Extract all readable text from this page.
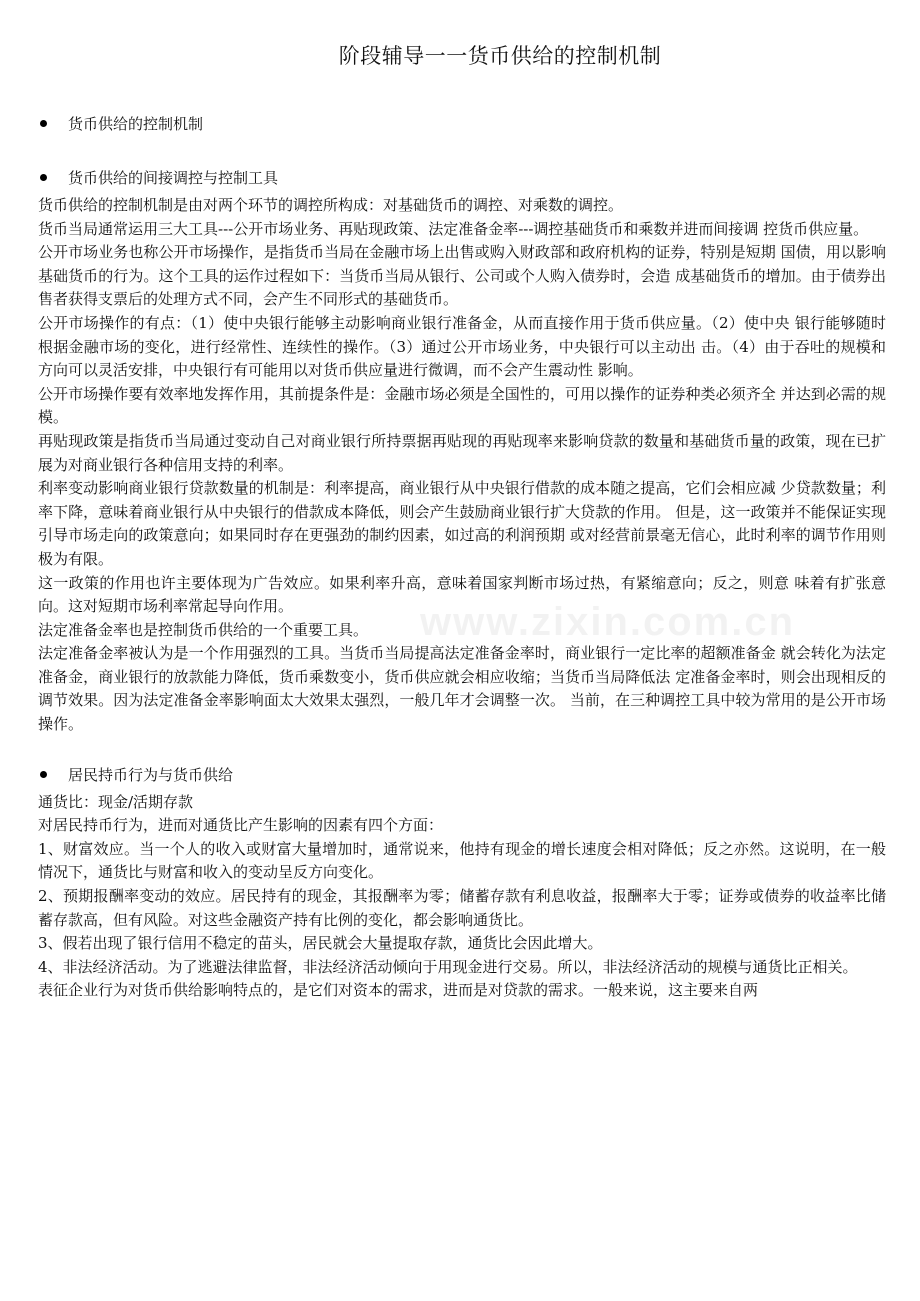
阶段辅导一一货币供给的控制机制
www.zixin.com.cn
货币供给的控制机制
货币供给的间接调控与控制工具

货币供给的控制机制是由对两个环节的调控所构成：对基础货币的调控、对乘数的调控。

货币当局通常运用三大工具---公开市场业务、再贴现政策、法定准备金率---调控基础货币和乘数并进而间接调 控货币供应量。

公开市场业务也称公开市场操作，是指货币当局在金融市场上出售或购入财政部和政府机构的证券，特别是短期 国债，用以影响基础货币的行为。这个工具的运作过程如下：当货币当局从银行、公司或个人购入债券时，会造 成基础货币的增加。由于债券出售者获得支票后的处理方式不同，会产生不同形式的基础货币。

公开市场操作的有点：（1）使中央银行能够主动影响商业银行准备金，从而直接作用于货币供应量。（2）使中央 银行能够随时根据金融市场的变化，进行经常性、连续性的操作。（3）通过公开市场业务，中央银行可以主动出 击。（4）由于吞吐的规模和方向可以灵活安排，中央银行有可能用以对货币供应量进行微调，而不会产生震动性 影响。

公开市场操作要有效率地发挥作用，其前提条件是：金融市场必须是全国性的，可用以操作的证券种类必须齐全 并达到必需的规模。

再贴现政策是指货币当局通过变动自己对商业银行所持票据再贴现的再贴现率来影响贷款的数量和基础货币量的政策，现在已扩展为对商业银行各种信用支持的利率。

利率变动影响商业银行贷款数量的机制是：利率提高，商业银行从中央银行借款的成本随之提高，它们会相应减 少贷款数量；利率下降，意味着商业银行从中央银行的借款成本降低，则会产生鼓励商业银行扩大贷款的作用。 但是，这一政策并不能保证实现引导市场走向的政策意向；如果同时存在更强劲的制约因素，如过高的利润预期 或对经营前景毫无信心，此时利率的调节作用则极为有限。

这一政策的作用也许主要体现为广告效应。如果利率升高，意味着国家判断市场过热，有紧缩意向；反之，则意 味着有扩张意向。这对短期市场利率常起导向作用。

法定准备金率也是控制货币供给的一个重要工具。

法定准备金率被认为是一个作用强烈的工具。当货币当局提高法定准备金率时，商业银行一定比率的超额准备金 就会转化为法定准备金，商业银行的放款能力降低，货币乘数变小，货币供应就会相应收缩；当货币当局降低法 定准备金率时，则会出现相反的调节效果。因为法定准备金率影响面太大效果太强烈，一般几年才会调整一次。 当前，在三种调控工具中较为常用的是公开市场操作。

居民持币行为与货币供给

通货比：现金/活期存款

对居民持币行为，进而对通货比产生影响的因素有四个方面：

1、财富效应。当一个人的收入或财富大量增加时，通常说来，他持有现金的增长速度会相对降低；反之亦然。这说明，在一般情况下，通货比与财富和收入的变动呈反方向变化。

2、预期报酬率变动的效应。居民持有的现金，其报酬率为零；储蓄存款有利息收益，报酬率大于零；证券或债券的收益率比储蓄存款高，但有风险。对这些金融资产持有比例的变化，都会影响通货比。

3、假若出现了银行信用不稳定的苗头，居民就会大量提取存款，通货比会因此增大。

4、非法经济活动。为了逃避法律监督，非法经济活动倾向于用现金进行交易。所以，非法经济活动的规模与通货比正相关。

表征企业行为对货币供给影响特点的，是它们对资本的需求，进而是对贷款的需求。一般来说，这主要来自两
